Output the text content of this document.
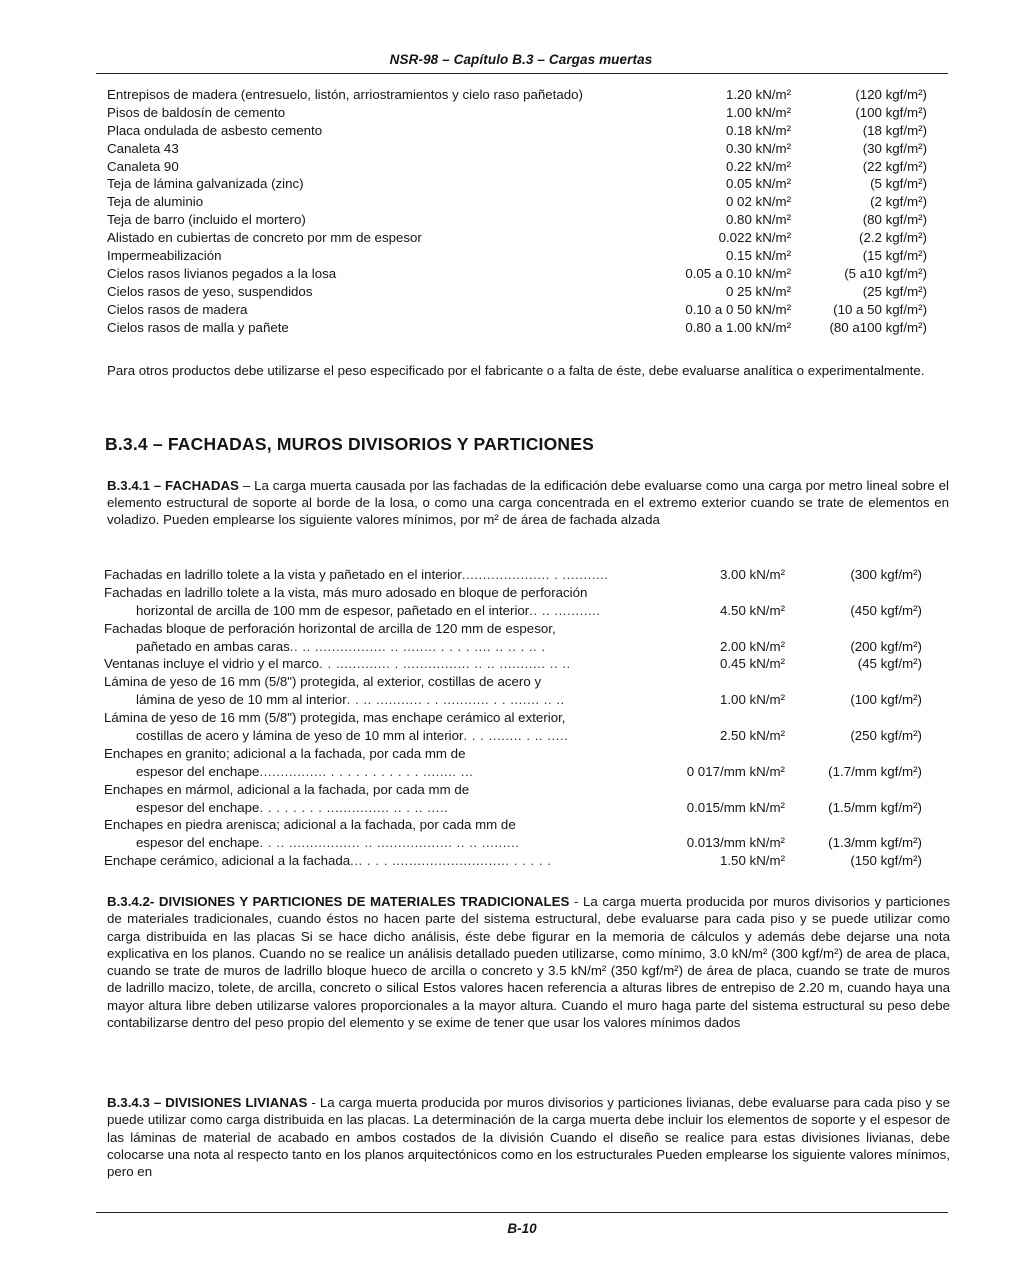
NSR-98 – Capítulo B.3 – Cargas muertas
Entrepisos de madera (entresuelo, listón, arriostramientos y cielo raso pañetado)	1.20 kN/m²	(120 kgf/m²)
Pisos de baldosín de cemento	1.00 kN/m²	(100 kgf/m²)
Placa ondulada de asbesto cemento	0.18 kN/m²	(18 kgf/m²)
Canaleta 43	0.30 kN/m²	(30 kgf/m²)
Canaleta 90	0.22 kN/m²	(22 kgf/m²)
Teja de lámina galvanizada (zinc)	0.05 kN/m²	(5 kgf/m²)
Teja de aluminio	0 02 kN/m²	(2 kgf/m²)
Teja de barro (incluido el mortero)	0.80 kN/m²	(80 kgf/m²)
Alistado en cubiertas de concreto por mm de espesor	0.022 kN/m²	(2.2 kgf/m²)
Impermeabilización	0.15 kN/m²	(15 kgf/m²)
Cielos rasos livianos pegados a la losa	0.05 a 0.10 kN/m²	(5 a10 kgf/m²)
Cielos rasos de yeso, suspendidos	0 25 kN/m²	(25 kgf/m²)
Cielos rasos de madera	0.10 a 0 50 kN/m²	(10 a 50 kgf/m²)
Cielos rasos de malla y pañete	0.80 a 1.00 kN/m²	(80 a100 kgf/m²)
Para otros productos debe utilizarse el peso especificado por el fabricante o a falta de éste, debe evaluarse analítica o experimentalmente.
B.3.4 – FACHADAS, MUROS DIVISORIOS Y PARTICIONES
B.3.4.1 – FACHADAS – La carga muerta causada por las fachadas de la edificación debe evaluarse como una carga por metro lineal sobre el elemento estructural de soporte al borde de la losa, o como una carga concentrada en el extremo exterior cuando se trate de elementos en voladizo. Pueden emplearse los siguiente valores mínimos, por m² de área de fachada alzada
Fachadas en ladrillo tolete a la vista y pañetado en el interior..................... . ...........	3.00 kN/m²	(300 kgf/m²)
Fachadas en ladrillo tolete a la vista, más muro adosado en bloque de perforación
horizontal de arcilla de 100 mm de espesor, pañetado en el interior.. .. ...........	4.50 kN/m²	(450 kgf/m²)
Fachadas bloque de perforación horizontal de arcilla de 120 mm de espesor,
pañetado en ambas caras.. .. ................. .. ........ . . . . .... .. .. . .. .	2.00 kN/m²	(200 kgf/m²)
Ventanas incluye el vidrio y el marco. . ............. . ................ .. .. ........... .. ..	0.45 kN/m²	(45 kgf/m²)
Lámina de yeso de 16 mm (5/8") protegida, al exterior, costillas de acero y
lámina de yeso de 10 mm al interior. . .. ........... . . ........... . . ....... .. ..	1.00 kN/m²	(100 kgf/m²)
Lámina de yeso de 16 mm (5/8") protegida, mas enchape cerámico al exterior,
costillas de acero y lámina de yeso de 10 mm al interior. . . ........ . .. .....	2.50 kN/m²	(250 kgf/m²)
Enchapes en granito; adicional a la fachada, por cada mm de
espesor del enchape................ . . . . . . . . . . . ........ ...	0 017/mm kN/m²	(1.7/mm kgf/m²)
Enchapes en mármol, adicional a la fachada, por cada mm de
espesor del enchape. . . . . . . . ............... .. . .. .....	0.015/mm kN/m²	(1.5/mm kgf/m²)
Enchapes en piedra arenisca; adicional a la fachada, por cada mm de
espesor del enchape. . .. ................. .. .................. .. .. .........	0.013/mm kN/m²	(1.3/mm kgf/m²)
Enchape cerámico, adicional a la fachada... . . . ............................ . . . . .	1.50 kN/m²	(150 kgf/m²)
B.3.4.2- DIVISIONES Y PARTICIONES DE MATERIALES TRADICIONALES - La carga muerta producida por muros divisorios y particiones de materiales tradicionales, cuando éstos no hacen parte del sistema estructural, debe evaluarse para cada piso y se puede utilizar como carga distribuida en las placas Si se hace dicho análisis, éste debe figurar en la memoria de cálculos y además debe dejarse una nota explicativa en los planos. Cuando no se realice un análisis detallado pueden utilizarse, como mínimo, 3.0 kN/m² (300 kgf/m²) de area de placa, cuando se trate de muros de ladrillo bloque hueco de arcilla o concreto y 3.5 kN/m² (350 kgf/m²) de área de placa, cuando se trate de muros de ladrillo macizo, tolete, de arcilla, concreto o silical Estos valores hacen referencia a alturas libres de entrepiso de 2.20 m, cuando haya una mayor altura libre deben utilizarse valores proporcionales a la mayor altura. Cuando el muro haga parte del sistema estructural su peso debe contabilizarse dentro del peso propio del elemento y se exime de tener que usar los valores mínimos dados
B.3.4.3 – DIVISIONES LIVIANAS - La carga muerta producida por muros divisorios y particiones livianas, debe evaluarse para cada piso y se puede utilizar como carga distribuida en las placas. La determinación de la carga muerta debe incluir los elementos de soporte y el espesor de las láminas de material de acabado en ambos costados de la división Cuando el diseño se realice para estas divisiones livianas, debe colocarse una nota al respecto tanto en los planos arquitectónicos como en los estructurales Pueden emplearse los siguiente valores mínimos, pero en
B-10
